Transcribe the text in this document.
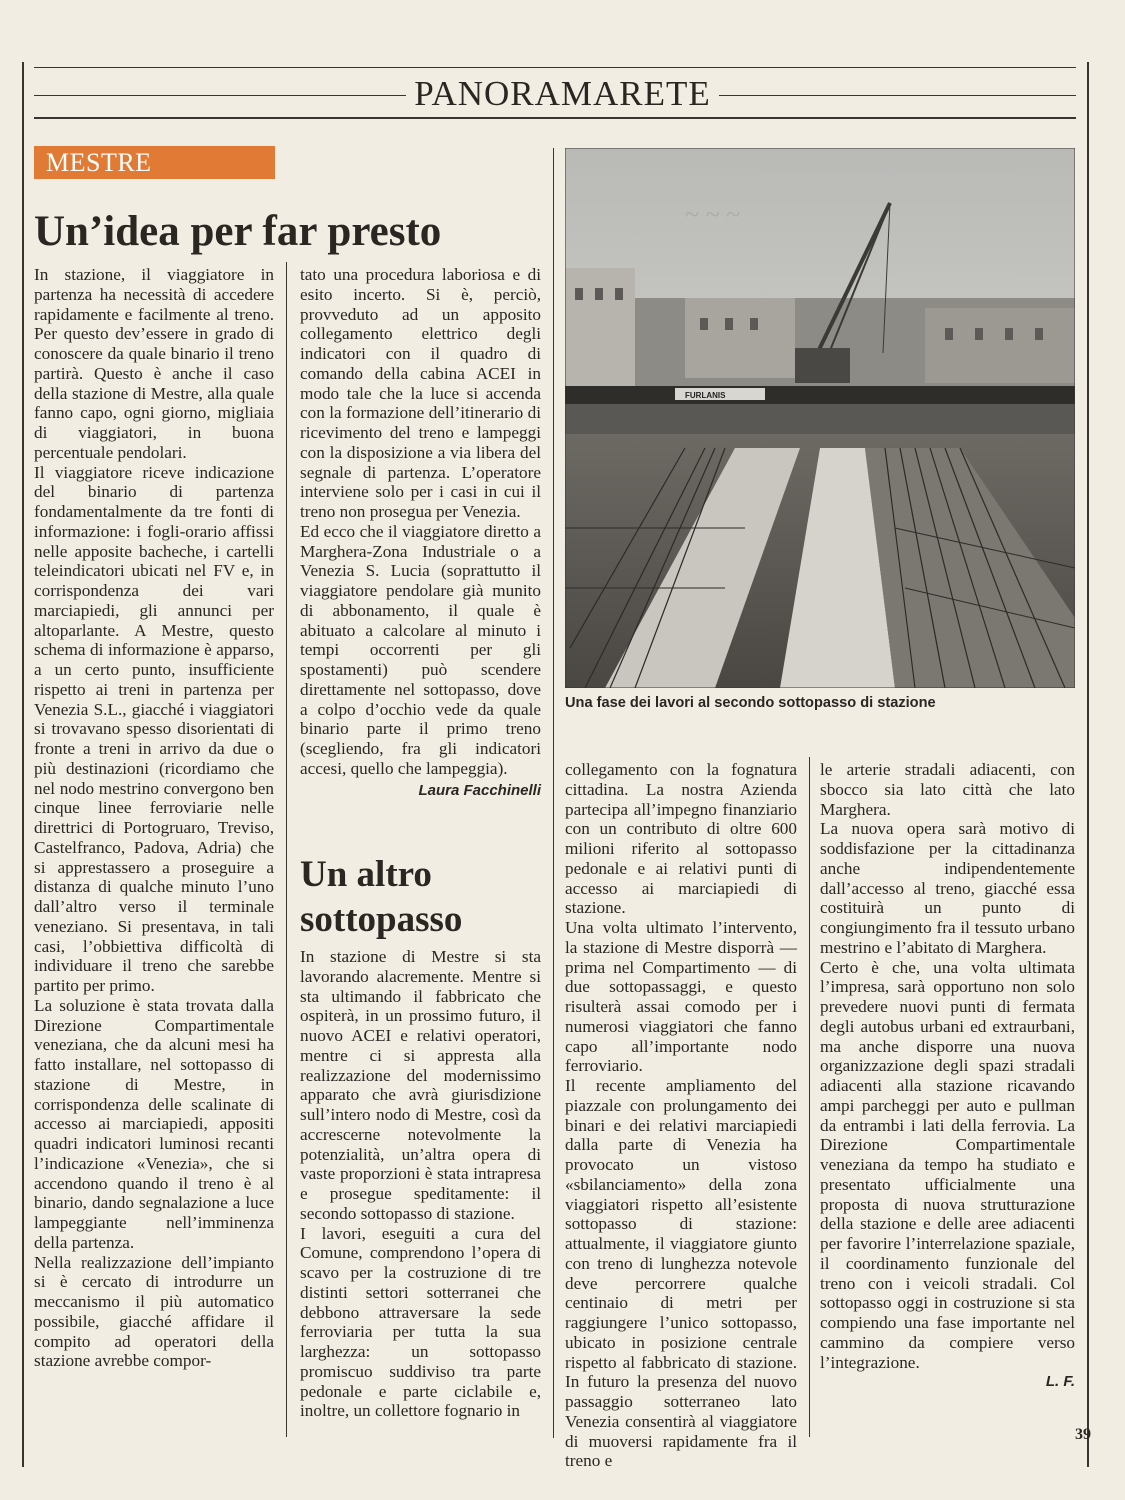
PANORAMARETE
MESTRE
Un’idea per far presto

In stazione, il viaggiatore in partenza ha necessità di accedere rapidamente e facilmente al treno. Per questo dev’essere in grado di conoscere da quale binario il treno partirà. Questo è anche il caso della stazione di Mestre, alla quale fanno capo, ogni giorno, migliaia di viaggiatori, in buona percentuale pendolari.
Il viaggiatore riceve indicazione del binario di partenza fondamentalmente da tre fonti di informazione: i fogli-orario affissi nelle apposite bacheche, i cartelli teleindicatori ubicati nel FV e, in corrispondenza dei vari marciapiedi, gli annunci per altoparlante. A Mestre, questo schema di informazione è apparso, a un certo punto, insufficiente rispetto ai treni in partenza per Venezia S.L., giacché i viaggiatori si trovavano spesso disorientati di fronte a treni in arrivo da due o più destinazioni (ricordiamo che nel nodo mestrino convergono ben cinque linee ferroviarie nelle direttrici di Portogruaro, Treviso, Castelfranco, Padova, Adria) che si apprestassero a proseguire a distanza di qualche minuto l’uno dall’altro verso il terminale veneziano. Si presentava, in tali casi, l’obbiettiva difficoltà di individuare il treno che sarebbe partito per primo.
La soluzione è stata trovata dalla Direzione Compartimentale veneziana, che da alcuni mesi ha fatto installare, nel sottopasso di stazione di Mestre, in corrispondenza delle scalinate di accesso ai marciapiedi, appositi quadri indicatori luminosi recanti l’indicazione «Venezia», che si accendono quando il treno è al binario, dando segnalazione a luce lampeggiante nell’imminenza della partenza.
Nella realizzazione dell’impianto si è cercato di introdurre un meccanismo il più automatico possibile, giacché affidare il compito ad operatori della stazione avrebbe compor-

tato una procedura laboriosa e di esito incerto. Si è, perciò, provveduto ad un apposito collegamento elettrico degli indicatori con il quadro di comando della cabina ACEI in modo tale che la luce si accenda con la formazione dell’itinerario di ricevimento del treno e lampeggi con la disposizione a via libera del segnale di partenza. L’operatore interviene solo per i casi in cui il treno non prosegua per Venezia.
Ed ecco che il viaggiatore diretto a Marghera-Zona Industriale o a Venezia S. Lucia (soprattutto il viaggiatore pendolare già munito di abbonamento, il quale è abituato a calcolare al minuto i tempi occorrenti per gli spostamenti) può scendere direttamente nel sottopasso, dove a colpo d’occhio vede da quale binario parte il primo treno (scegliendo, fra gli indicatori accesi, quello che lampeggia).

Laura Facchinelli

Un altro sottopasso

In stazione di Mestre si sta lavorando alacremente. Mentre si sta ultimando il fabbricato che ospiterà, in un prossimo futuro, il nuovo ACEI e relativi operatori, mentre ci si appresta alla realizzazione del modernissimo apparato che avrà giurisdizione sull’intero nodo di Mestre, così da accrescerne notevolmente la potenzialità, un’altra opera di vaste proporzioni è stata intrapresa e prosegue speditamente: il secondo sottopasso di stazione.
I lavori, eseguiti a cura del Comune, comprendono l’opera di scavo per la costruzione di tre distinti settori sotterranei che debbono attraversare la sede ferroviaria per tutta la sua larghezza: un sottopasso promiscuo suddiviso tra parte pedonale e parte ciclabile e, inoltre, un collettore fognario in

collegamento con la fognatura cittadina. La nostra Azienda partecipa all’impegno finanziario con un contributo di oltre 600 milioni riferito al sottopasso pedonale e ai relativi punti di accesso ai marciapiedi di stazione.
Una volta ultimato l’intervento, la stazione di Mestre disporrà — prima nel Compartimento — di due sottopassaggi, e questo risulterà assai comodo per i numerosi viaggiatori che fanno capo all’importante nodo ferroviario.
Il recente ampliamento del piazzale con prolungamento dei binari e dei relativi marciapiedi dalla parte di Venezia ha provocato un vistoso «sbilanciamento» della zona viaggiatori rispetto all’esistente sottopasso di stazione: attualmente, il viaggiatore giunto con treno di lunghezza notevole deve percorrere qualche centinaio di metri per raggiungere l’unico sottopasso, ubicato in posizione centrale rispetto al fabbricato di stazione. In futuro la presenza del nuovo passaggio sotterraneo lato Venezia consentirà al viaggiatore di muoversi rapidamente fra il treno e

le arterie stradali adiacenti, con sbocco sia lato città che lato Marghera.
La nuova opera sarà motivo di soddisfazione per la cittadinanza anche indipendentemente dall’accesso al treno, giacché essa costituirà un punto di congiungimento fra il tessuto urbano mestrino e l’abitato di Marghera.
Certo è che, una volta ultimata l’impresa, sarà opportuno non solo prevedere nuovi punti di fermata degli autobus urbani ed extraurbani, ma anche disporre una nuova organizzazione degli spazi stradali adiacenti alla stazione ricavando ampi parcheggi per auto e pullman da entrambi i lati della ferrovia. La Direzione Compartimentale veneziana da tempo ha studiato e presentato ufficialmente una proposta di nuova strutturazione della stazione e delle aree adiacenti per favorire l’interrelazione spaziale, il coordinamento funzionale del treno con i veicoli stradali. Col sottopasso oggi in costruzione si sta compiendo una fase importante nel cammino da compiere verso l’integrazione.

L. F.

~ ~ ~
FURLANIS
Una fase dei lavori al secondo sottopasso di stazione
39
